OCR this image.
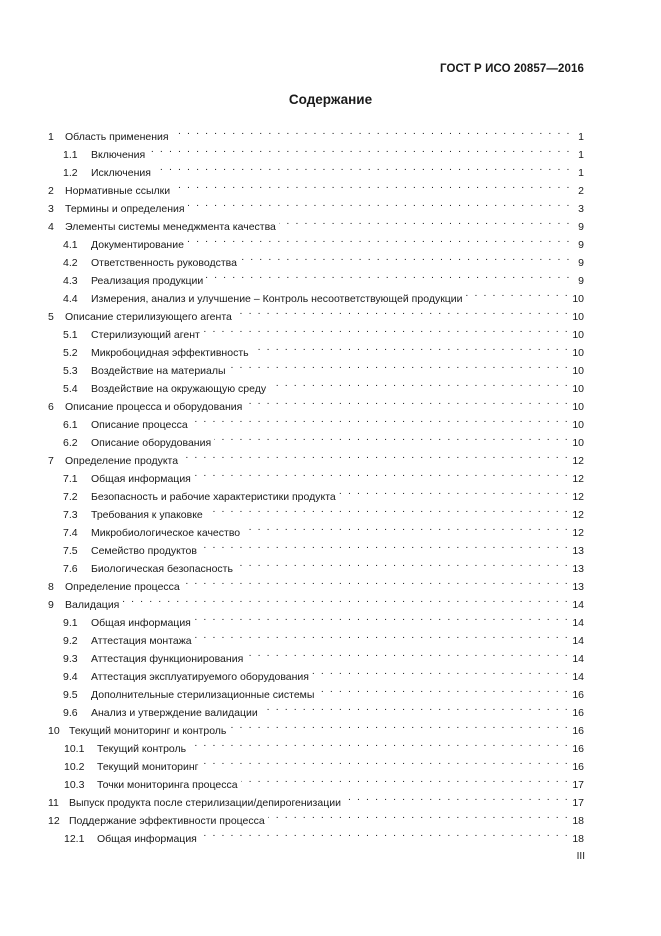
ГОСТ Р ИСО 20857—2016
Содержание
1	Область применения . . .	1
1.1	Включения . . .	1
1.2	Исключения . . .	1
2	Нормативные ссылки . . .	2
3	Термины и определения . . .	3
4	Элементы системы менеджмента качества . . .	9
4.1	Документирование . . .	9
4.2	Ответственность руководства . . .	9
4.3	Реализация продукции . . .	9
4.4	Измерения, анализ и улучшение – Контроль несоответствующей продукции . . .	10
5	Описание стерилизующего агента . . .	10
5.1	Стерилизующий агент . . .	10
5.2	Микробоцидная эффективность . . .	10
5.3	Воздействие на материалы . . .	10
5.4	Воздействие на окружающую среду . . .	10
6	Описание процесса и оборудования . . .	10
6.1	Описание процесса . . .	10
6.2	Описание оборудования . . .	10
7	Определение продукта . . .	12
7.1	Общая информация . . .	12
7.2	Безопасность и рабочие характеристики продукта . . .	12
7.3	Требования к упаковке . . .	12
7.4	Микробиологическое качество . . .	12
7.5	Семейство продуктов . . .	13
7.6	Биологическая безопасность . . .	13
8	Определение процесса . . .	13
9	Валидация . . .	14
9.1	Общая информация . . .	14
9.2	Аттестация монтажа . . .	14
9.3	Аттестация функционирования . . .	14
9.4	Аттестация эксплуатируемого оборудования . . .	14
9.5	Дополнительные стерилизационные системы . . .	16
9.6	Анализ и утверждение валидации . . .	16
10 Текущий мониторинг и контроль . . .	16
10.1	Текущий контроль . . .	16
10.2	Текущий мониторинг . . .	16
10.3	Точки мониторинга процесса . . .	17
11 Выпуск продукта после стерилизации/депирогенизации . . .	17
12 Поддержание эффективности процесса . . .	18
12.1	Общая информация . . .	18
III
